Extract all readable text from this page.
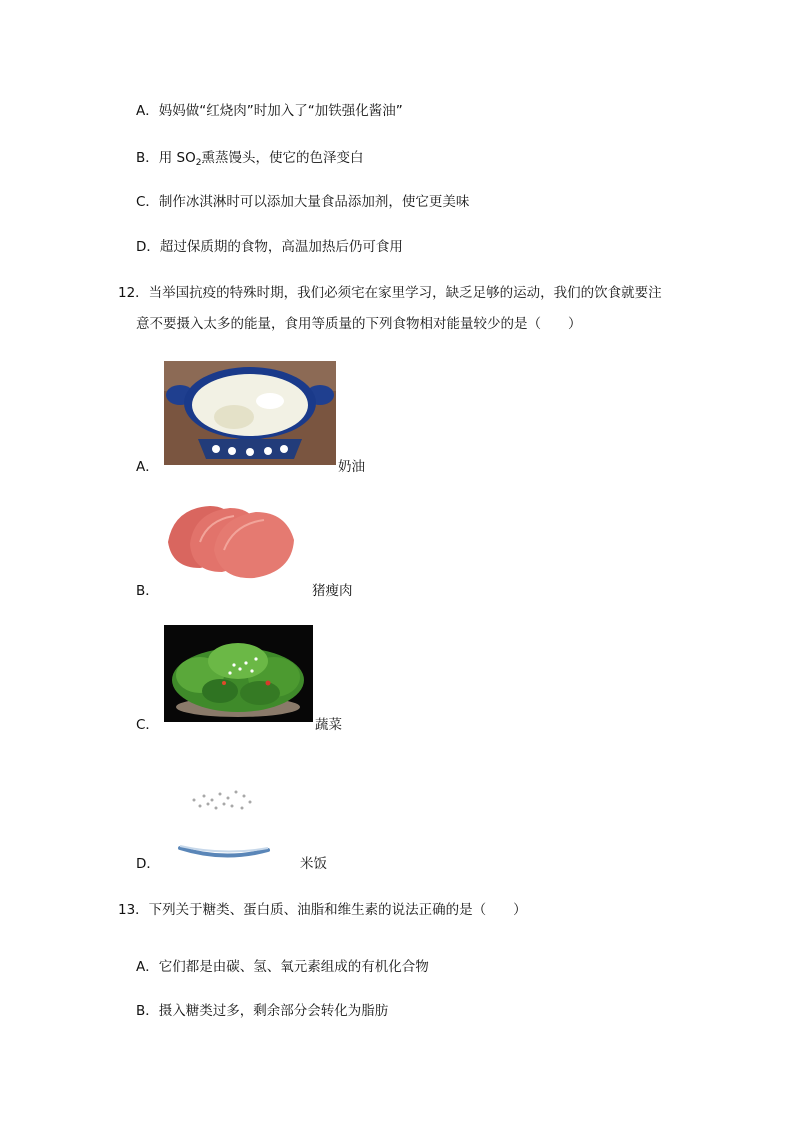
A．妈妈做“红烧肉”时加入了“加铁强化酱油”
B．用 $SO_2$熏蒸馒头，使它的色泽变白
C．制作冰淇淋时可以添加大量食品添加剂，使它更美味
D．超过保质期的食物，高温加热后仍可食用
12．当举国抗疫的特殊时期，我们必须宅在家里学习，缺乏足够的运动，我们的饮食就要注
意不要摄入太多的能量，食用等质量的下列食物相对能量较少的是（　　）
A．	奶油
B．	猪瘦肉
C．	蔬菜
D．	米饭
13．下列关于糖类、蛋白质、油脂和维生素的说法正确的是（　　）
A．它们都是由碳、氢、氧元素组成的有机化合物
B．摄入糖类过多，剩余部分会转化为脂肪
